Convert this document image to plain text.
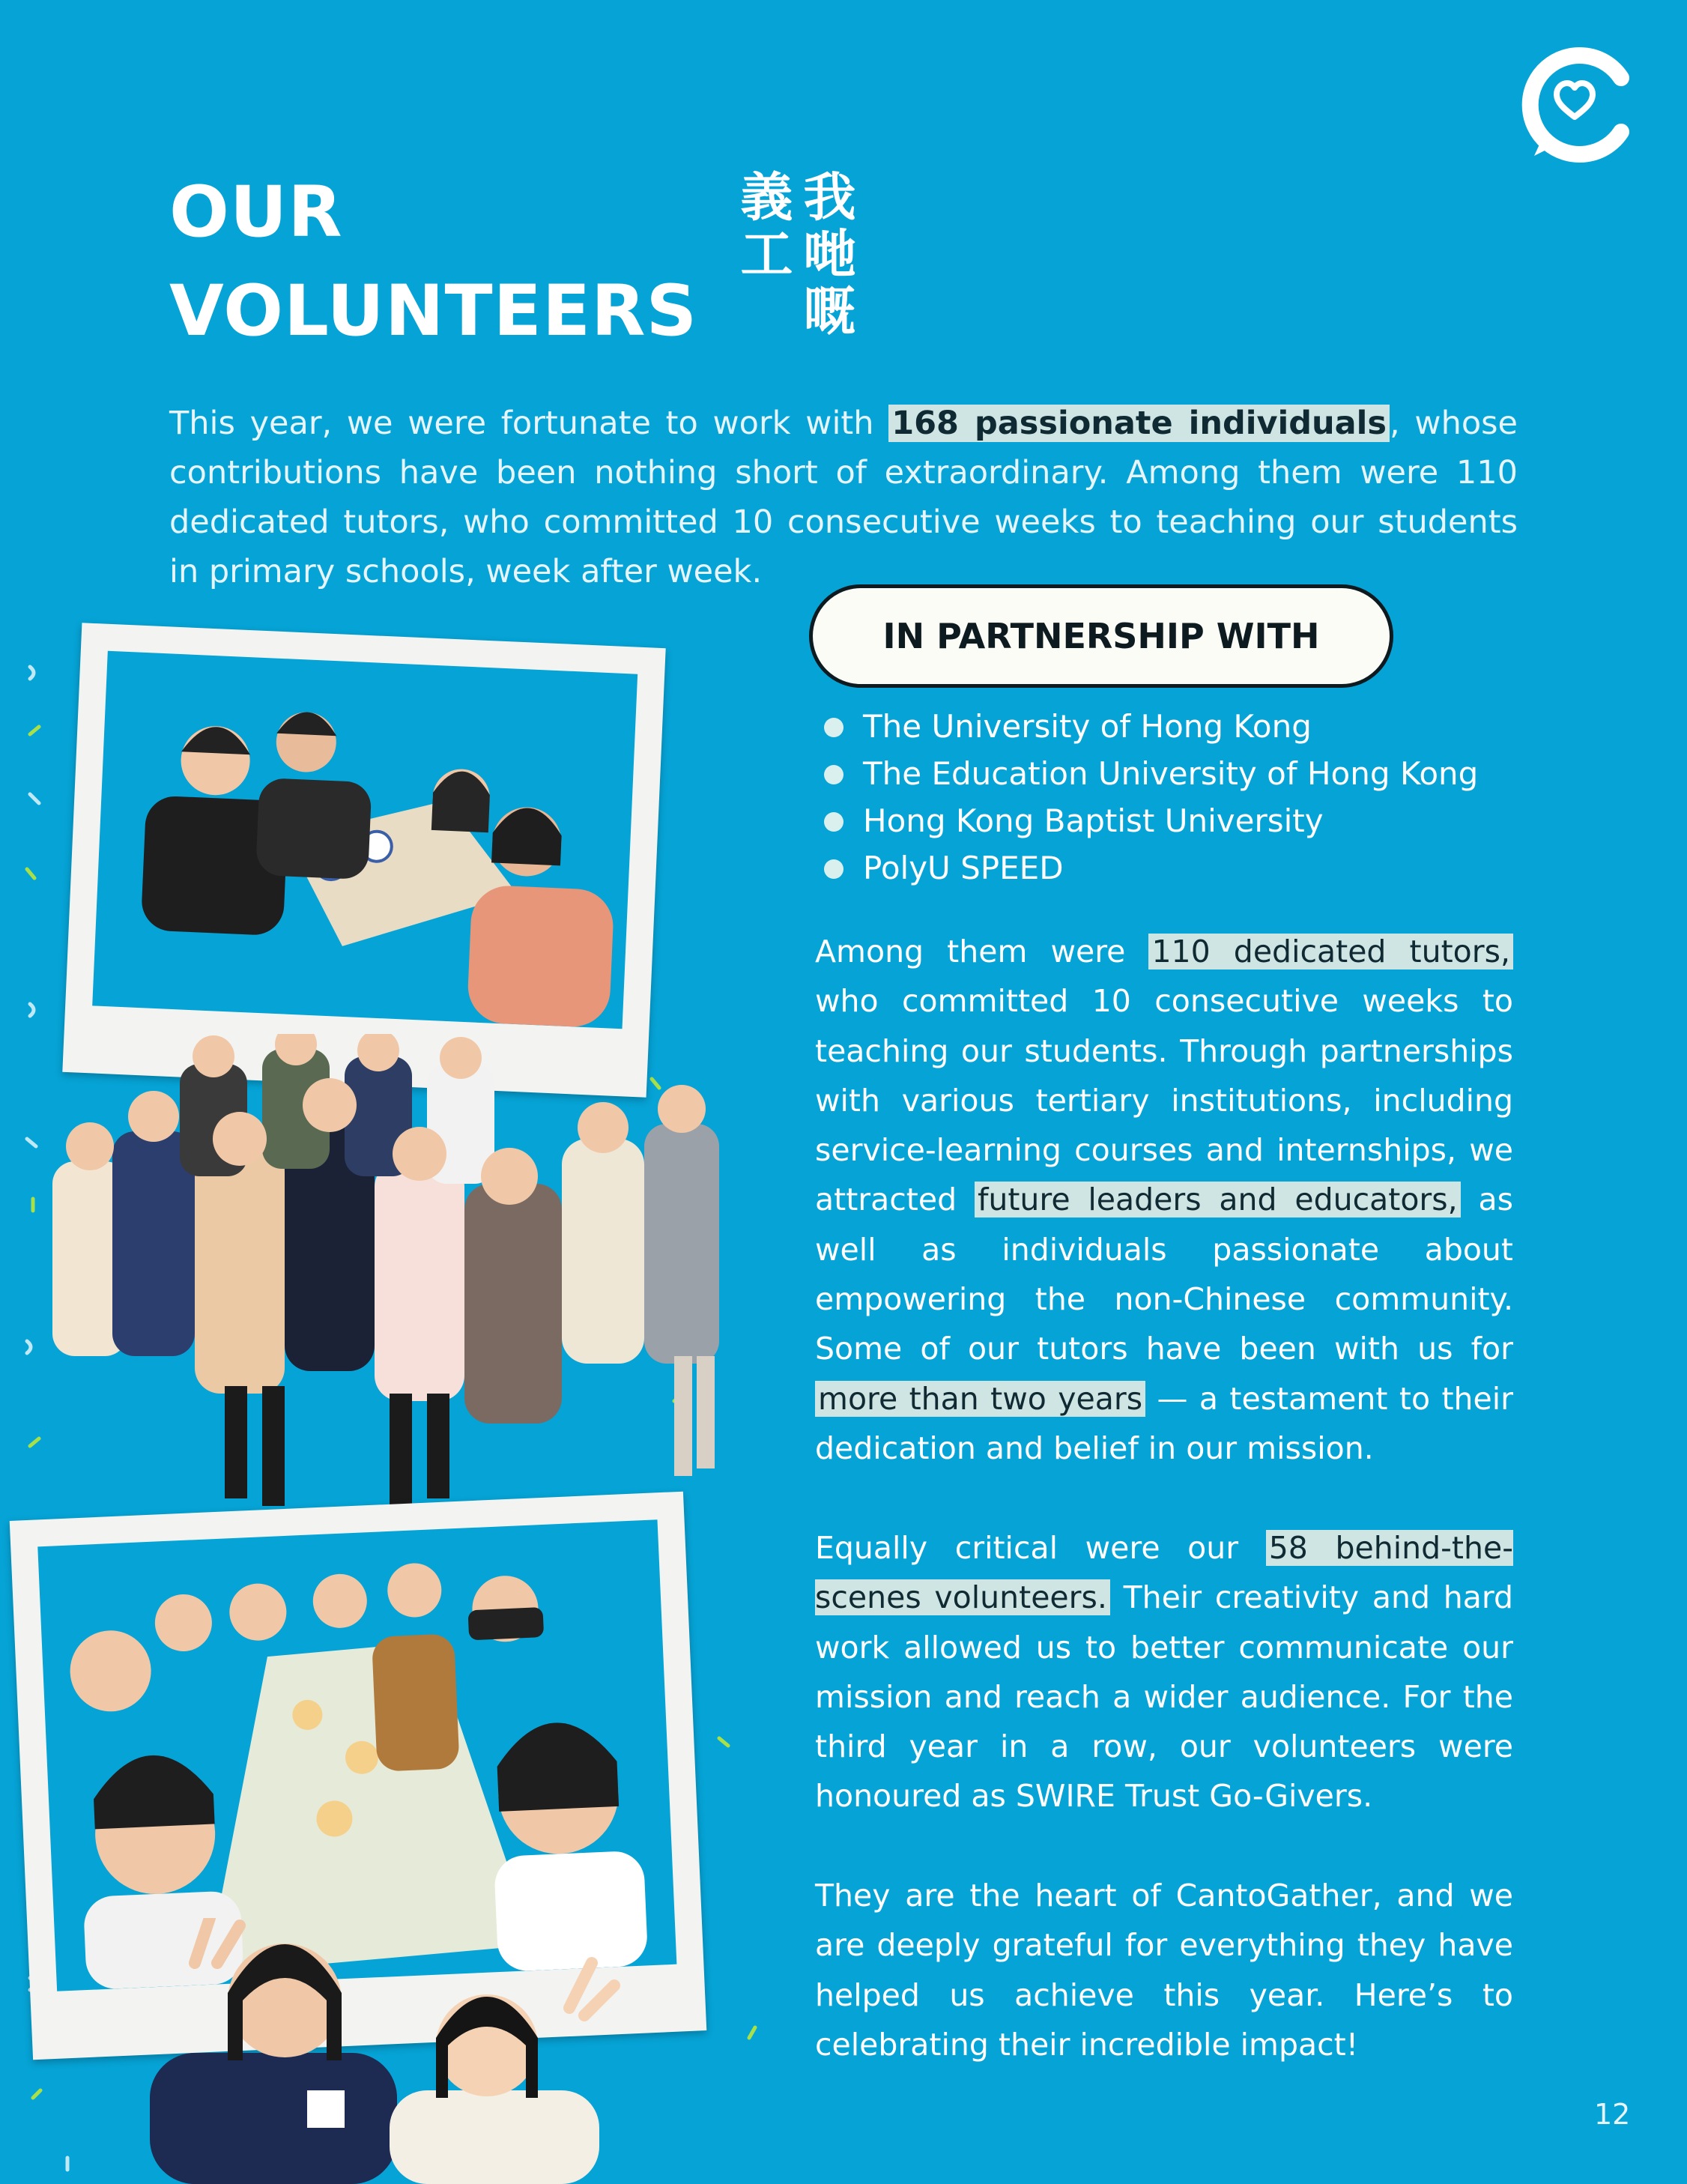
OUR
VOLUNTEERS	我哋嘅義工

This year, we were fortunate to work with 168 passionate individuals, whose contributions have been nothing short of extraordinary. Among them were 110 dedicated tutors, who committed 10 consecutive weeks to teaching our students in primary schools, week after week.

IN PARTNERSHIP WITH
The University of Hong Kong
The Education University of Hong Kong
Hong Kong Baptist University
PolyU SPEED

Among them were 110 dedicated tutors, who committed 10 consecutive weeks to teaching our students. Through partnerships with various tertiary institutions, including service-learning courses and internships, we attracted future leaders and educators, as well as individuals passionate about empowering the non-Chinese community. Some of our tutors have been with us for more than two years — a testament to their dedication and belief in our mission.

Equally critical were our 58 behind-the-scenes volunteers. Their creativity and hard work allowed us to better communicate our mission and reach a wider audience. For the third year in a row, our volunteers were honoured as SWIRE Trust Go-Givers.

They are the heart of CantoGather, and we are deeply grateful for everything they have helped us achieve this year. Here’s to celebrating their incredible impact!

12
